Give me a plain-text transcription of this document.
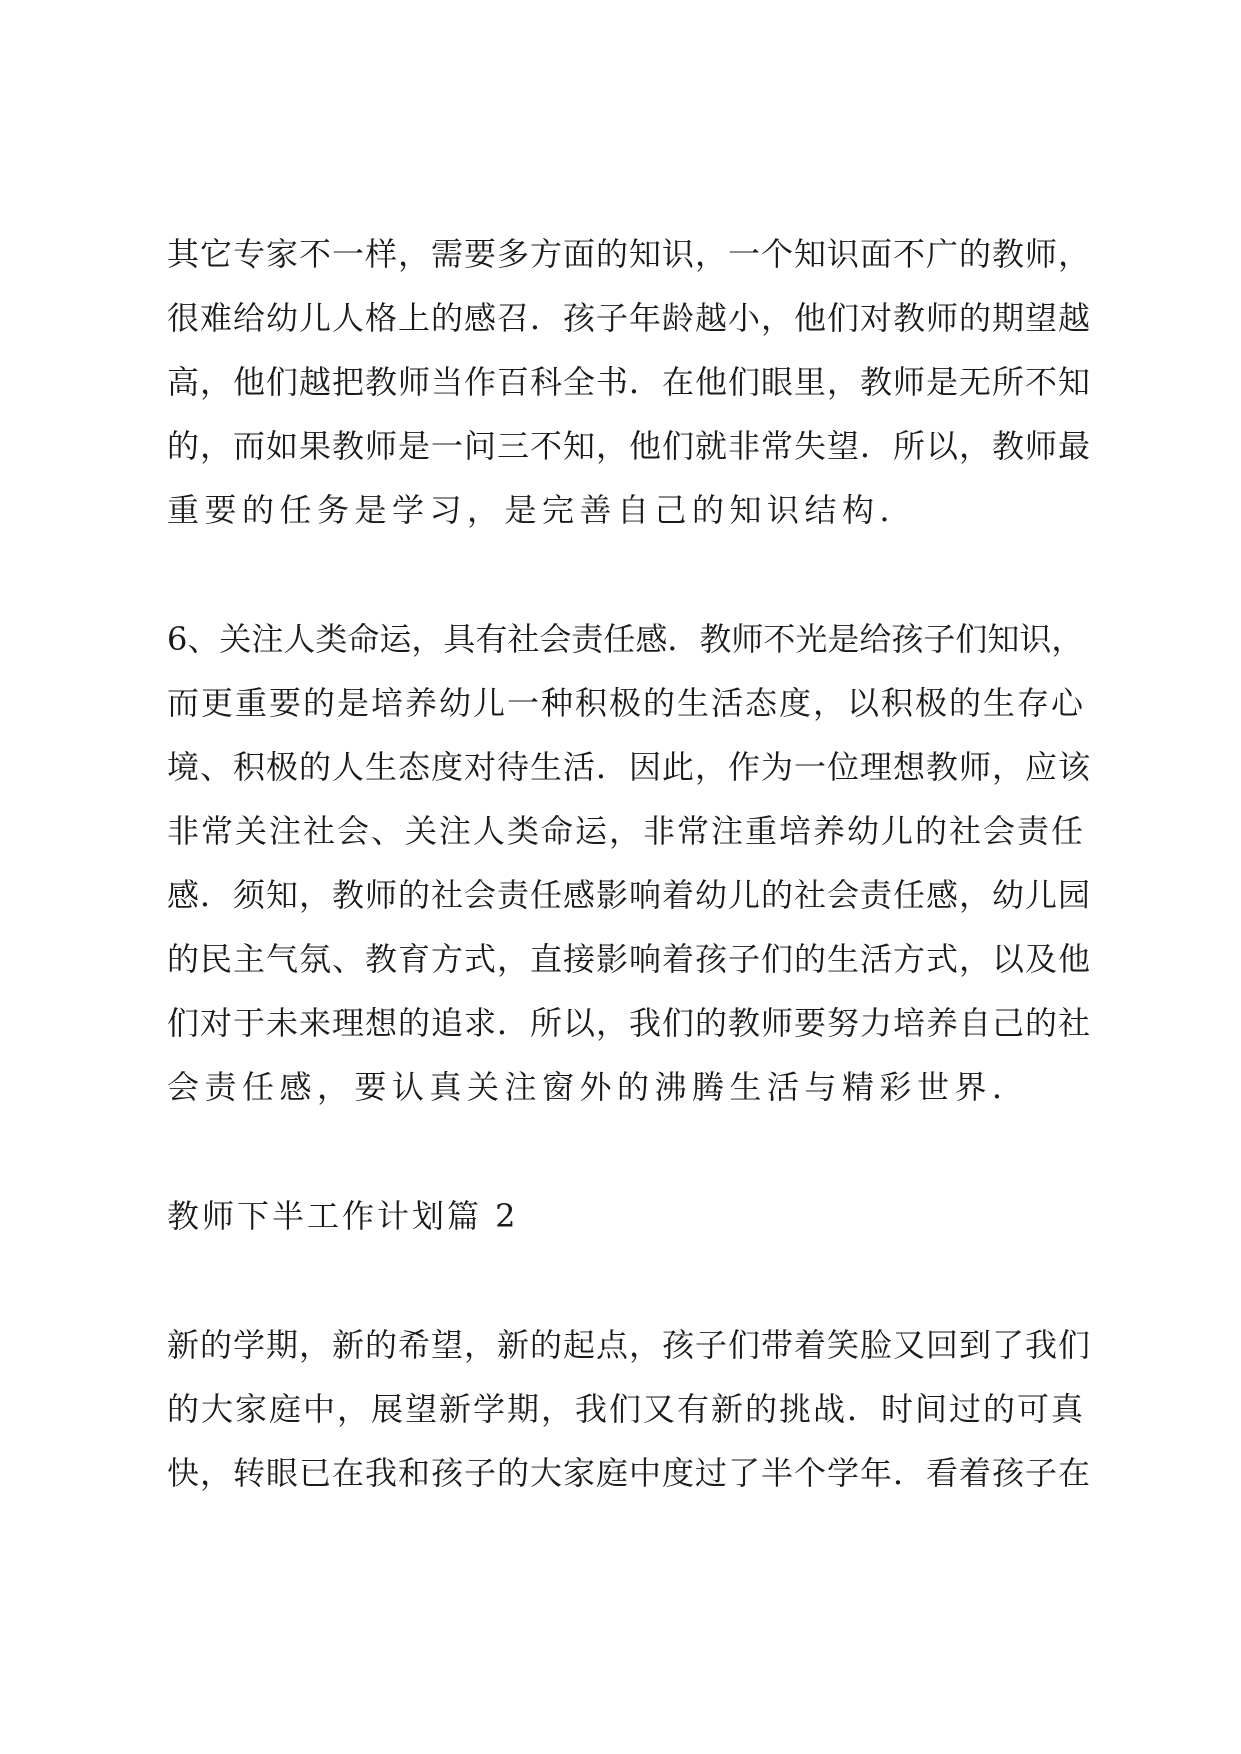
其它专家不一样，需要多方面的知识，一个知识面不广的教师，
很难给幼儿人格上的感召．孩子年龄越小，他们对教师的期望越
高，他们越把教师当作百科全书．在他们眼里，教师是无所不知
的，而如果教师是一问三不知，他们就非常失望．所以，教师最
重要的任务是学习，是完善自己的知识结构．
6、关注人类命运，具有社会责任感．教师不光是给孩子们知识，
而更重要的是培养幼儿一种积极的生活态度，以积极的生存心
境、积极的人生态度对待生活．因此，作为一位理想教师，应该
非常关注社会、关注人类命运，非常注重培养幼儿的社会责任
感．须知，教师的社会责任感影响着幼儿的社会责任感，幼儿园
的民主气氛、教育方式，直接影响着孩子们的生活方式，以及他
们对于未来理想的追求．所以，我们的教师要努力培养自己的社
会责任感，要认真关注窗外的沸腾生活与精彩世界．
教师下半工作计划篇 2
新的学期，新的希望，新的起点，孩子们带着笑脸又回到了我们
的大家庭中，展望新学期，我们又有新的挑战．时间过的可真
快，转眼已在我和孩子的大家庭中度过了半个学年．看着孩子在
